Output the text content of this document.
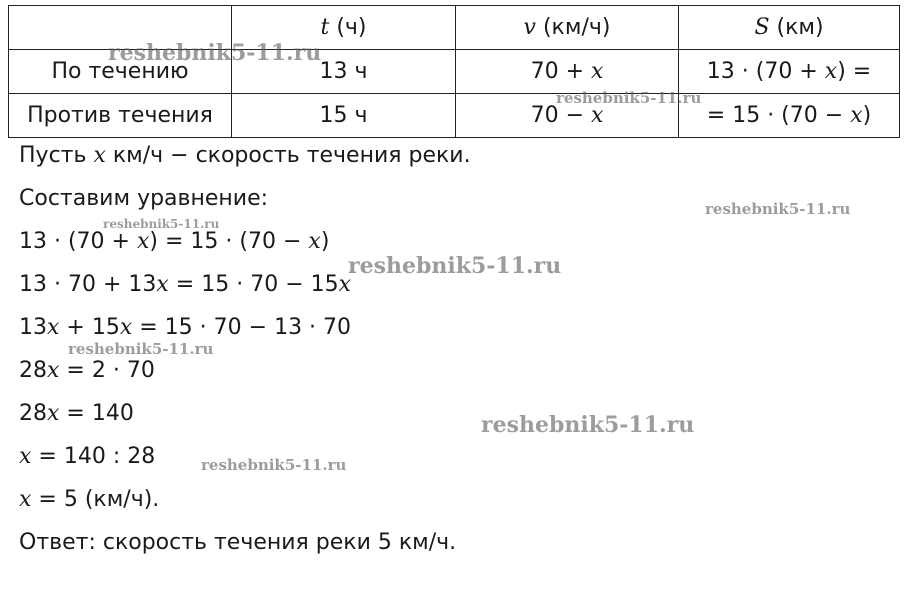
	t (ч)	v (км/ч)	S (км)
По течению	13 ч	70 + x	13 · (70 + x) =
Против течения	15 ч	70 − x	= 15 · (70 − x)
Пусть x км/ч − скорость течения реки.
Составим уравнение:
13 · (70 + x) = 15 · (70 − x)
13 · 70 + 13x = 15 · 70 − 15x
13x + 15x = 15 · 70 − 13 · 70
28x = 2 · 70
28x = 140
x = 140 : 28
x = 5 (км/ч).
Ответ: скорость течения реки 5 км/ч.
reshebnik5-11.ru
reshebnik5-11.ru
reshebnik5-11.ru
reshebnik5-11.ru
reshebnik5-11.ru
reshebnik5-11.ru
reshebnik5-11.ru
reshebnik5-11.ru
